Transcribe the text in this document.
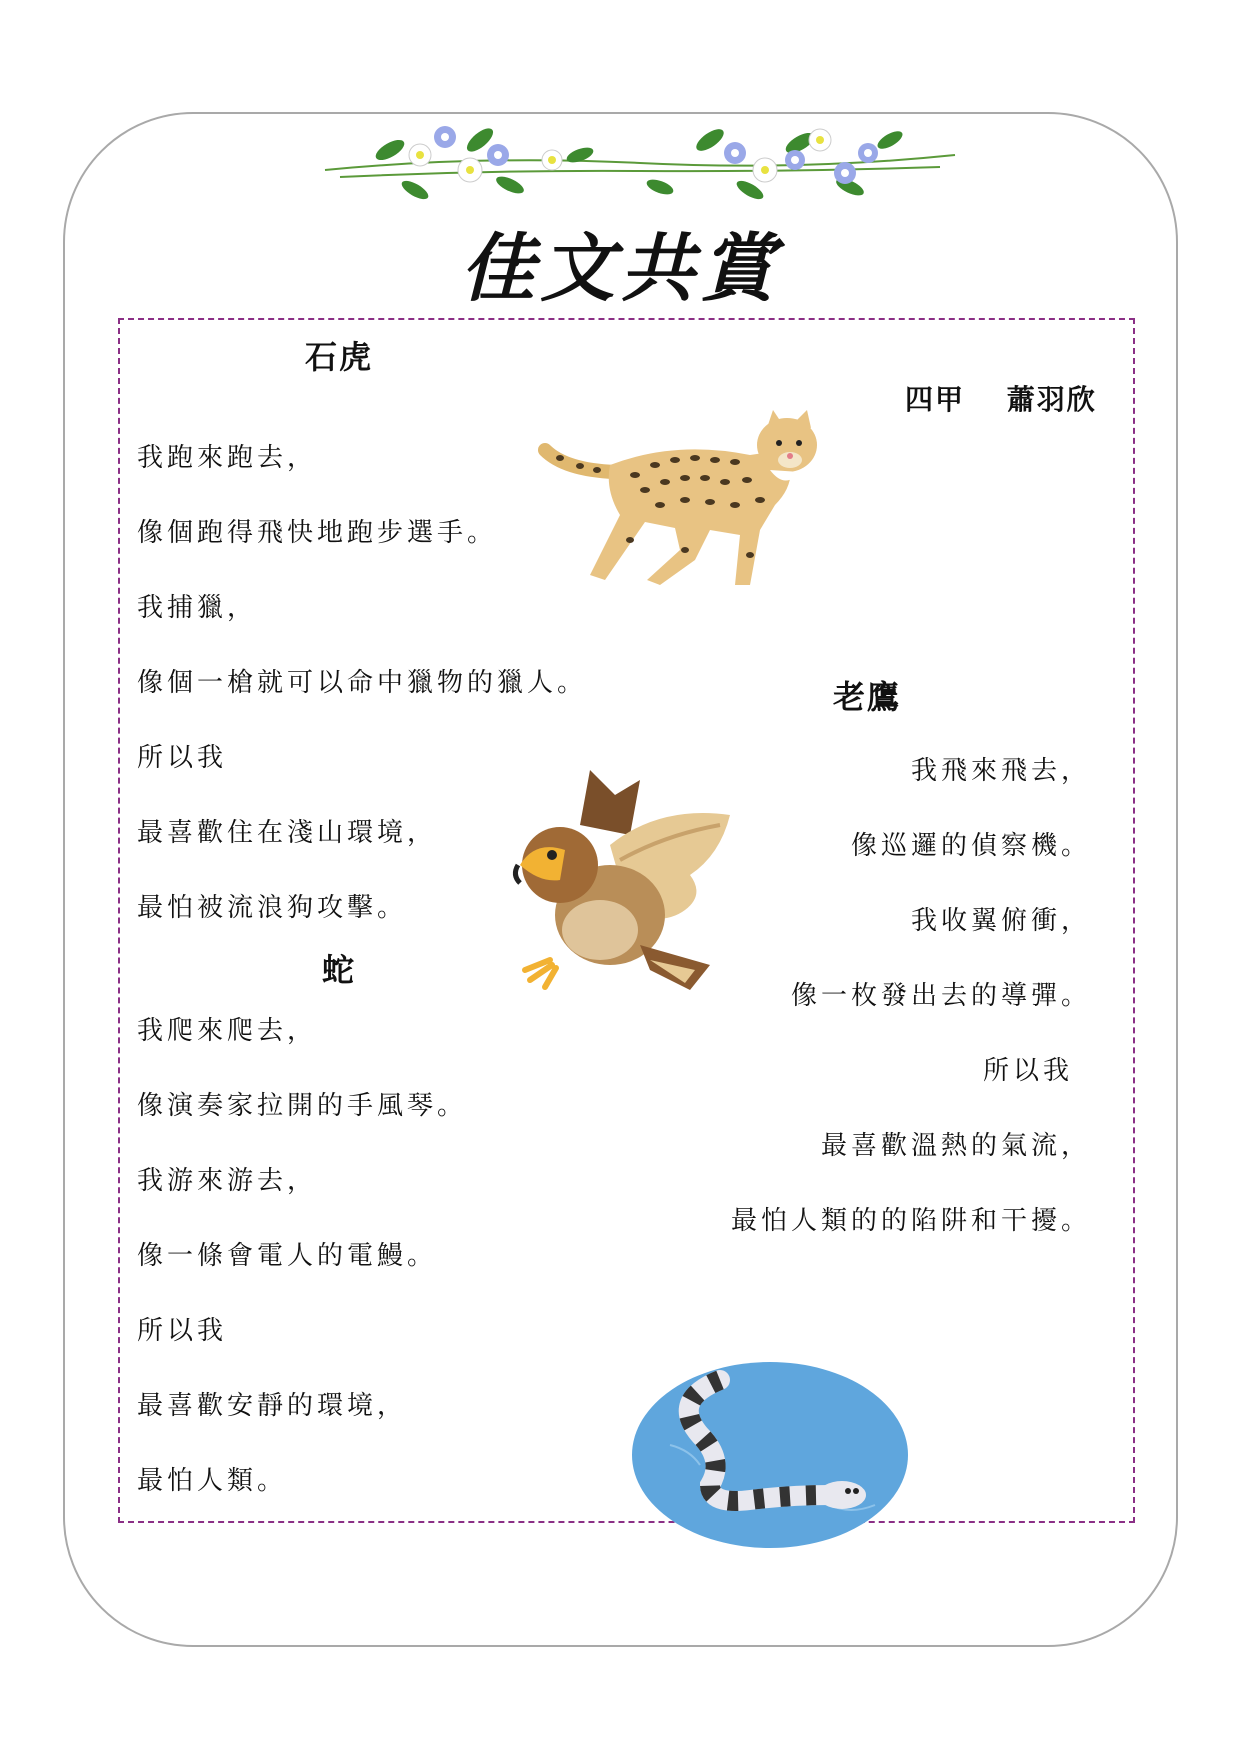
佳文共賞
石虎
四甲　 蕭羽欣
我跑來跑去，
像個跑得飛快地跑步選手。
我捕獵，
像個一槍就可以命中獵物的獵人。
所以我
最喜歡住在淺山環境，
最怕被流浪狗攻擊。
蛇
我爬來爬去，
像演奏家拉開的手風琴。
我游來游去，
像一條會電人的電鰻。
所以我
最喜歡安靜的環境，
最怕人類。
老鷹
我飛來飛去，
像巡邏的偵察機。
我收翼俯衝，
像一枚發出去的導彈。
所以我
最喜歡溫熱的氣流，
最怕人類的的陷阱和干擾。
